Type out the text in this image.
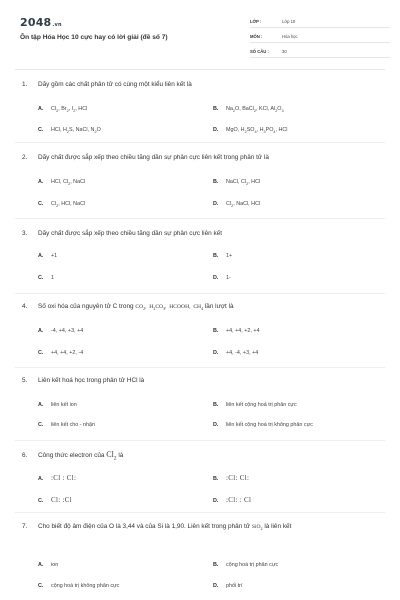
2048.vn
Ôn tập Hóa Học 10 cực hay có lời giải (đề số 7)
LỚP :	Lớp 10
MÔN :	Hóa học
SỐ CÂU :	30
1. Dãy gồm các chất phân tử có cùng một kiểu liên kết là
A.	$Cl_2$, $Br_2$, $I_2$, HCl	B.	$Na_2O$, BaCl$_2$, KCl, $Al_2O_3$
C.	HCl, $H_2S$, NaCl, $N_2O$	D.	MgO, $H_2SO_4$, $H_3PO_4$, HCl
2. Dãy chất được sắp xếp theo chiều tăng dần sự phân cực liên kết trong phân tử là
A.	HCl, $Cl_2$, NaCl	B.	NaCl, $Cl_2$, HCl
C.	$Cl_2$, HCl, NaCl	D.	$Cl_2$, NaCl, HCl
3. Dãy chất được sắp xếp theo chiều tăng dần sự phân cực liên kết
A.	+1	B.	1+
C.	1	D.	1-
4. Số oxi hóa của nguyên tử C trong $CO_2$,  $H_2CO_3$,  HCOOH,  $CH_4$ lần lượt là
A.	-4, +4, +3, +4	B.	+4, +4, +2, +4
C.	+4, +4, +2, -4	D.	+4, -4, +3, +4
5. Liên kết hoá học trong phân tử HCl là
A.	liên kết ion	B.	liên kết cộng hoá trị phân cực
C.	liên kết cho - nhận	D.	liên kết cộng hoá trị không phân cực
6. Công thức electron của $Cl_2$ là
A.	:Cl : Cl:	B.	:Cl: Cl:
C.	Cl: :Cl	D.	:Cl: : Cl
7. Cho biết độ âm điện của O là 3,44 và của Si là 1,90. Liên kết trong phân tử SiO$_2$ là liên kết
A.	ion	B.	cộng hoá trị phân cực
C.	cộng hoá trị không phân cực	D.	phối trí
